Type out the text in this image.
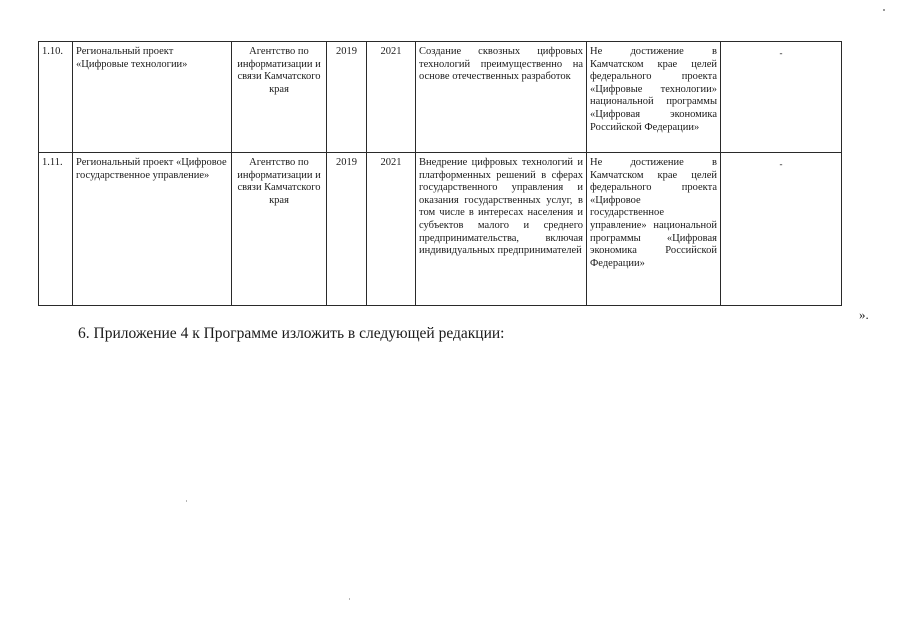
1.10.	Региональный проект «Цифровые технологии»	Агентство по информатизации и связи Камчатского края	2019	2021	Создание сквозных цифровых технологий преимущественно на основе отечественных разработок	Не достижение в Камчатском крае целей федерального проекта «Цифровые технологии» национальной программы «Цифровая экономика Российской Федерации»	-

1.11.	Региональный проект «Цифровое государственное управление»	Агентство по информатизации и связи Камчатского края	2019	2021	Внедрение цифровых технологий и платформенных решений в сферах государственного управления и оказания государственных услуг, в том числе в интересах населения и субъектов малого и среднего предпринимательства, включая индивидуальных предпринимателей	Не достижение в Камчатском крае целей федерального проекта «Цифровое государственное управление» национальной программы «Цифровая экономика Российской Федерации»	-
».
6. Приложение 4 к Программе изложить в следующей редакции:
